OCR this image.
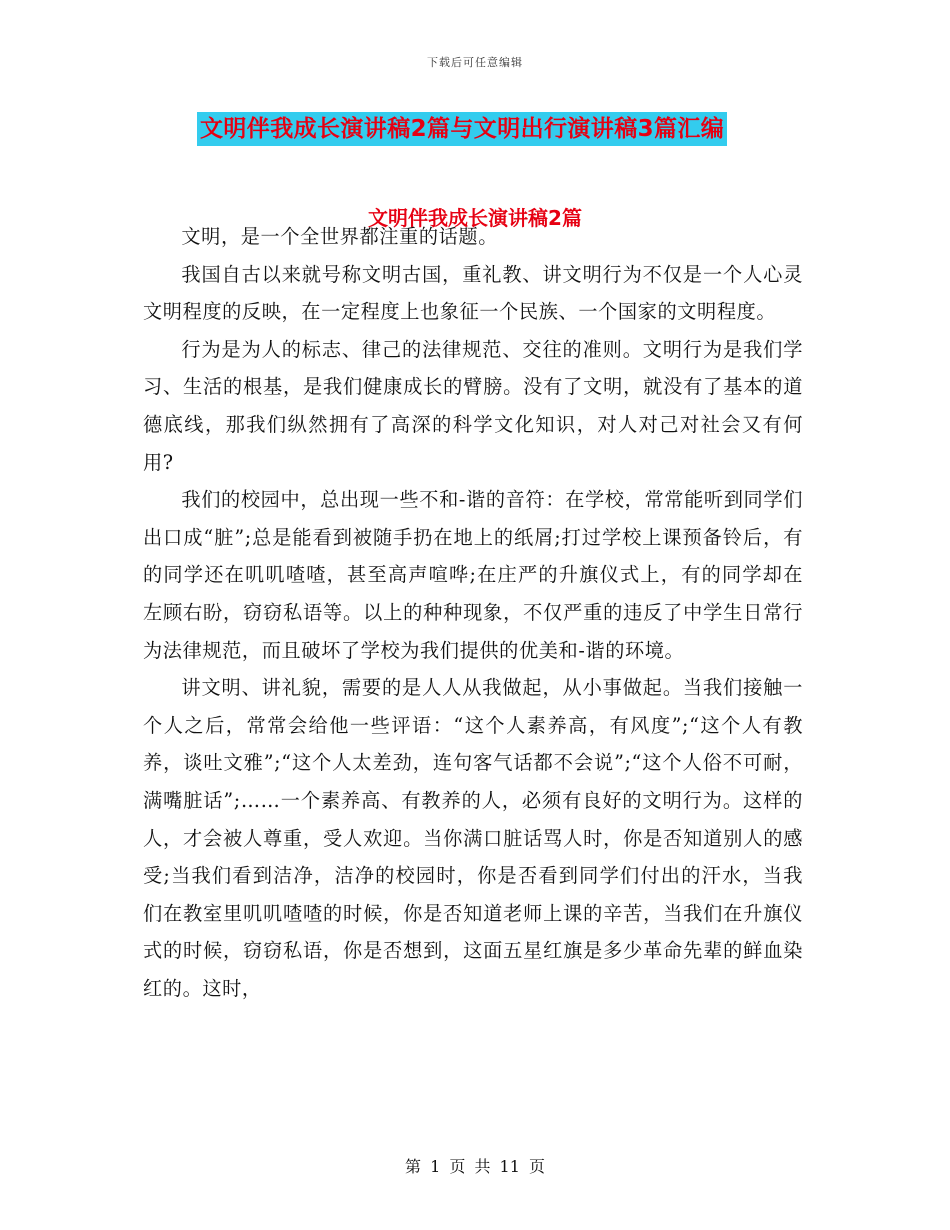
下载后可任意编辑
文明伴我成长演讲稿2篇与文明出行演讲稿3篇汇编
文明伴我成长演讲稿2篇

文明，是一个全世界都注重的话题。

我国自古以来就号称文明古国，重礼教、讲文明行为不仅是一个人心灵文明程度的反映，在一定程度上也象征一个民族、一个国家的文明程度。

行为是为人的标志、律己的法律规范、交往的准则。文明行为是我们学习、生活的根基，是我们健康成长的臂膀。没有了文明，就没有了基本的道德底线，那我们纵然拥有了高深的科学文化知识，对人对己对社会又有何用?

我们的校园中，总出现一些不和-谐的音符：在学校，常常能听到同学们出口成“脏”;总是能看到被随手扔在地上的纸屑;打过学校上课预备铃后，有的同学还在叽叽喳喳，甚至高声喧哗;在庄严的升旗仪式上，有的同学却在左顾右盼，窃窃私语等。以上的种种现象，不仅严重的违反了中学生日常行为法律规范，而且破坏了学校为我们提供的优美和-谐的环境。

讲文明、讲礼貌，需要的是人人从我做起，从小事做起。当我们接触一个人之后，常常会给他一些评语：“这个人素养高，有风度”;“这个人有教养，谈吐文雅”;“这个人太差劲，连句客气话都不会说”;“这个人俗不可耐，满嘴脏话”;……一个素养高、有教养的人，必须有良好的文明行为。这样的人，才会被人尊重，受人欢迎。当你满口脏话骂人时，你是否知道别人的感受;当我们看到洁净，洁净的校园时，你是否看到同学们付出的汗水，当我们在教室里叽叽喳喳的时候，你是否知道老师上课的辛苦，当我们在升旗仪式的时候，窃窃私语，你是否想到，这面五星红旗是多少革命先辈的鲜血染红的。这时，

第 1 页 共 11 页
